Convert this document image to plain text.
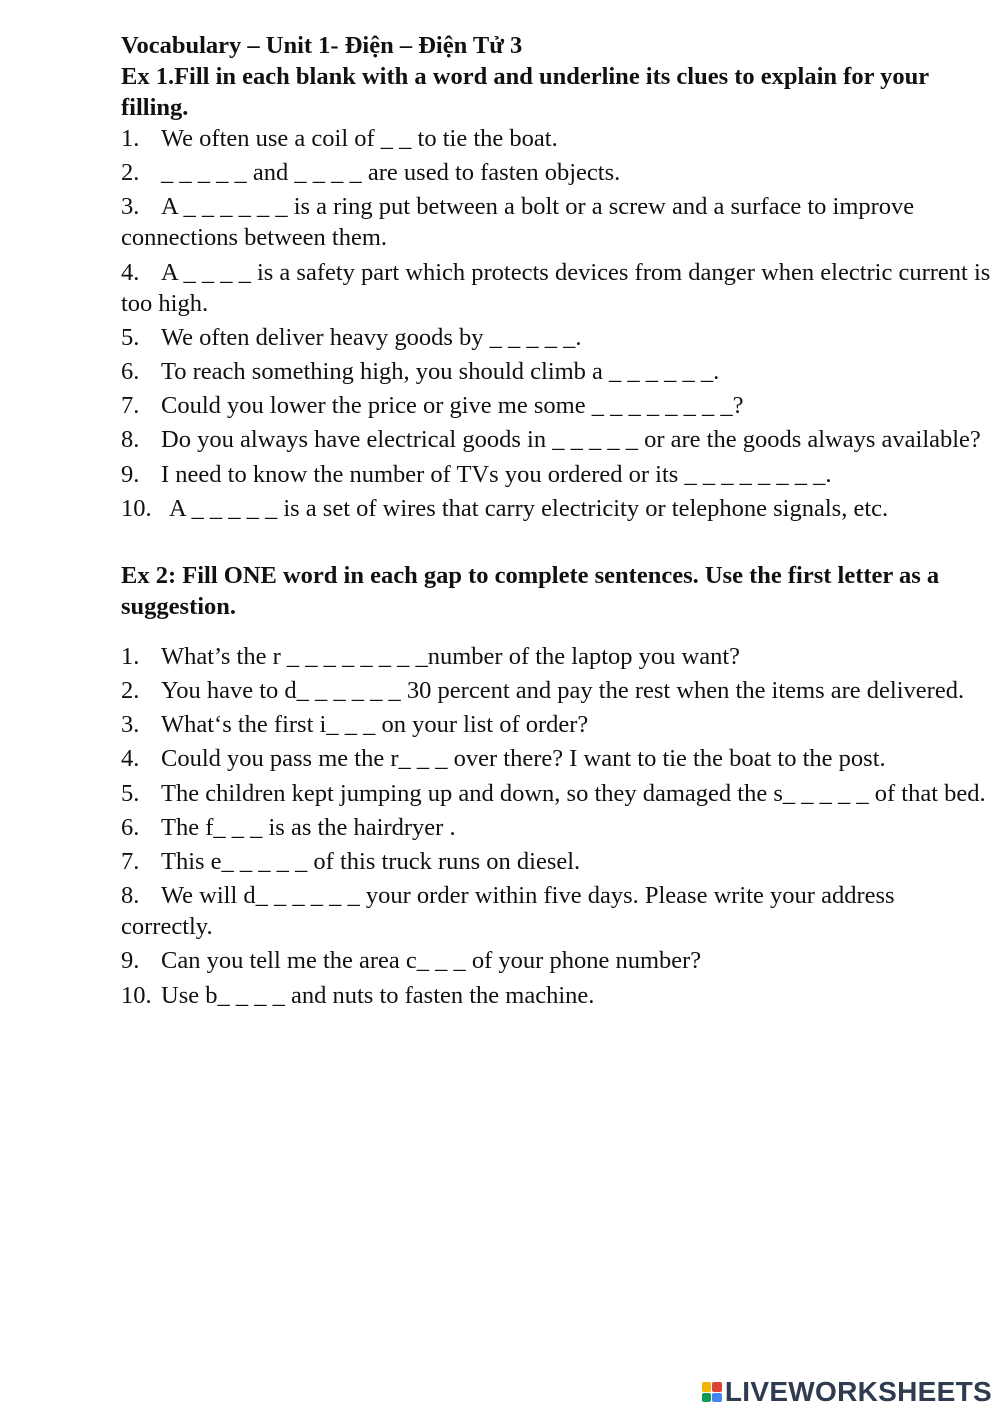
Vocabulary – Unit 1- Điện – Điện Tử 3

Ex 1.Fill in each blank with a word and underline its clues to explain for your filling.

1. We often use a coil of _ _ to tie the boat.

2. _ _ _ _ _ and _ _ _ _ are used to fasten objects.

3. A _ _ _ _ _ _ is a ring put between a bolt or a screw and a surface to improve connections between them.

4. A _ _ _ _ is a safety part which protects devices from danger when electric current is too high.

5. We often deliver heavy goods by _ _ _ _ _.

6. To reach something high, you should climb a _ _ _ _ _ _.

7. Could you lower the price or give me some _ _ _ _ _ _ _ _?

8. Do you always have electrical goods in _ _ _ _ _ or are the goods always available?

9. I need to know the number of TVs you ordered or its _ _ _ _ _ _ _ _.

10. A _ _ _ _ _ is a set of wires that carry electricity or telephone signals, etc.

Ex 2: Fill ONE word in each gap to complete sentences. Use the first letter as a suggestion.

1. What’s the r _ _ _ _ _ _ _ _number of the laptop you want?

2. You have to d_ _ _ _ _ _ 30 percent and pay the rest when the items are delivered.

3. What‘s the first i_ _ _ on your list of order?

4. Could you pass me the r_ _ _ over there? I want to tie the boat to the post.

5. The children kept jumping up and down, so they damaged the s_ _ _ _ _ of that bed.

6. The f_ _ _ is as the hairdryer .

7. This e_ _ _ _ _ of this truck runs on diesel.

8. We will d_ _ _ _ _ _ your order within five days. Please write your address correctly.

9. Can you tell me the area c_ _ _ of your phone number?

10. Use b_ _ _ _ and nuts to fasten the machine.

LIVEWORKSHEETS
